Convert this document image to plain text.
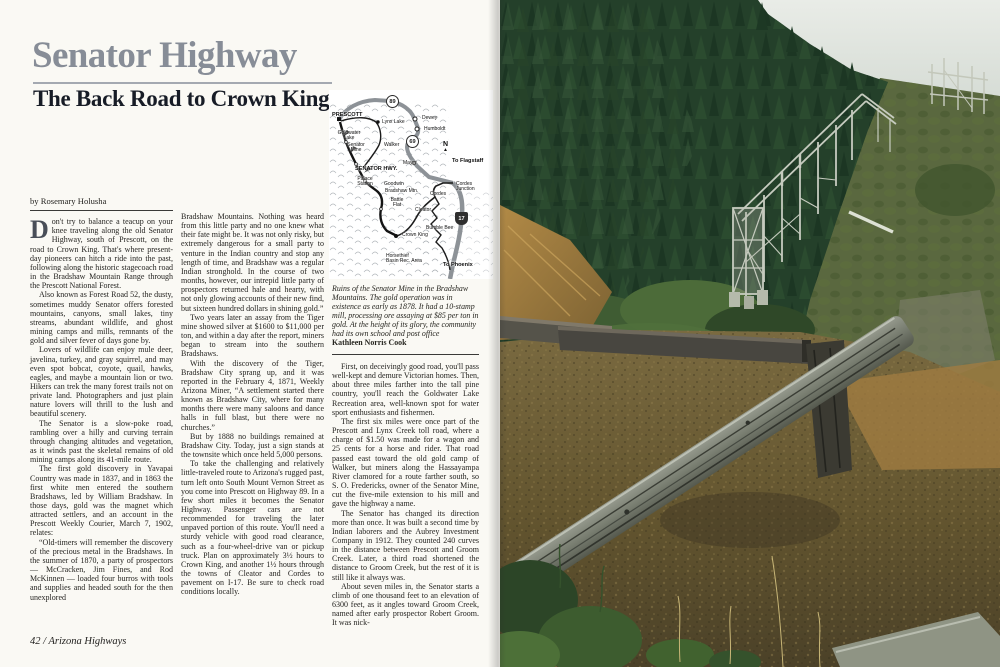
Senator Highway
The Back Road to Crown King
by Rosemary Holusha

Don't try to balance a teacup on your knee traveling along the old Senator Highway, south of Prescott, on the road to Crown King. That's where present-day pioneers can hitch a ride into the past, following along the historic stagecoach road in the Bradshaw Mountain Range through the Prescott National Forest.

Also known as Forest Road 52, the dusty, sometimes muddy Senator offers forested mountains, canyons, small lakes, tiny streams, abundant wildlife, and ghost mining camps and mills, remnants of the gold and silver fever of days gone by.

Lovers of wildlife can enjoy mule deer, javelina, turkey, and gray squirrel, and may even spot bobcat, coyote, quail, hawks, eagles, and maybe a mountain lion or two. Hikers can trek the many forest trails not on private land. Photographers and just plain nature lovers will thrill to the lush and beautiful scenery.

The Senator is a slow-poke road, rambling over a hilly and curving terrain through changing altitudes and vegetation, as it winds past the skeletal remains of old mining camps along its 41-mile route.

The first gold discovery in Yavapai Country was made in 1837, and in 1863 the first white men entered the southern Bradshaws, led by William Bradshaw. In those days, gold was the magnet which attracted settlers, and an account in the Prescott Weekly Courier, March 7, 1902, relates:

“Old-timers will remember the discovery of the precious metal in the Bradshaws. In the summer of 1870, a party of prospectors — McCracken, Jim Fines, and Rod McKinnen — loaded four burros with tools and supplies and headed south for the then unexplored

Bradshaw Mountains. Nothing was heard from this little party and no one knew what their fate might be. It was not only risky, but extremely dangerous for a small party to venture in the Indian country and stop any length of time, and Bradshaw was a regular Indian stronghold. In the course of two months, however, our intrepid little party of prospectors returned hale and hearty, with not only glowing accounts of their new find, but sixteen hundred dollars in shining gold.”

Two years later an assay from the Tiger mine showed silver at $1600 to $11,000 per ton, and within a day after the report, miners began to stream into the southern Bradshaws.

With the discovery of the Tiger, Bradshaw City sprang up, and it was reported in the February 4, 1871, Weekly Arizona Miner, “A settlement started there known as Bradshaw City, where for many months there were many saloons and dance halls in full blast, but there were no churches.”

But by 1888 no buildings remained at Bradshaw City. Today, just a sign stands at the townsite which once held 5,000 persons.

To take the challenging and relatively little-traveled route to Arizona's rugged past, turn left onto South Mount Vernon Street as you come into Prescott on Highway 89. In a few short miles it becomes the Senator Highway. Passenger cars are not recommended for traveling the later unpaved portion of this route. You'll need a sturdy vehicle with good road clearance, such as a four-wheel-drive van or pickup truck. Plan on approximately 3½ hours to Crown King, and another 1½ hours through the towns of Cleator and Cordes to pavement on I-17. Be sure to check road conditions locally.

PRESCOTT
Lynx Lake
Dewey
Humboldt
Goldwater Lake
Senator Mine
Walker
Mayer	To Flagstaff
SENATOR HWY.
Palace Station	Goodwin
Bradshaw Mtn.
Battle Flat
Cordes Junction
Cordes
Cleator
Bumble Bee
Crown King
Horsethief Basin Rec. Area
To Phoenix
89
69
17
N
▲
Ruins of the Senator Mine in the Bradshaw Mountains. The gold operation was in existence as early as 1878. It had a 10-stamp mill, processing ore assaying at $85 per ton in gold. At the height of its glory, the community had its own school and post office
Kathleen Norris Cook

First, on deceivingly good road, you'll pass well-kept and demure Victorian homes. Then, about three miles farther into the tall pine country, you'll reach the Goldwater Lake Recreation area, well-known spot for water sport enthusiasts and fishermen.

The first six miles were once part of the Prescott and Lynx Creek toll road, where a charge of $1.50 was made for a wagon and 25 cents for a horse and rider. That road passed east toward the old gold camp of Walker, but miners along the Hassayampa River clamored for a route farther south, so S. O. Fredericks, owner of the Senator Mine, cut the five-mile extension to his mill and gave the highway a name.

The Senator has changed its direction more than once. It was built a second time by Indian laborers and the Aubrey Investment Company in 1912. They counted 240 curves in the distance between Prescott and Groom Creek. Later, a third road shortened the distance to Groom Creek, but the rest of it is still like it always was.

About seven miles in, the Senator starts a climb of one thousand feet to an elevation of 6300 feet, as it angles toward Groom Creek, named after early prospector Robert Groom. It was nick-

42 / Arizona Highways
